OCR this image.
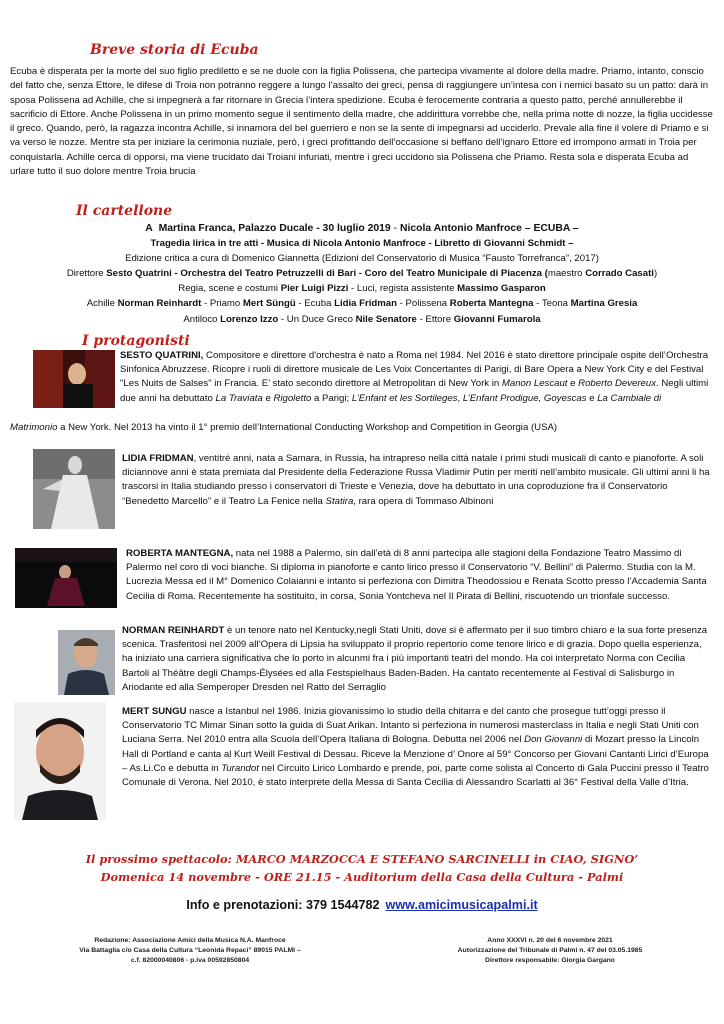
Breve storia di Ecuba

Ecuba è disperata per la morte del suo figlio prediletto e se ne duole con la figlia Polissena, che partecipa vivamente al dolore della madre. Priamo, intanto, conscio del fatto che, senza Ettore, le difese di Troia non potranno reggere a lungo l’assalto dei greci, pensa di raggiungere un’intesa con i nemici basato su un patto: darà in sposa Polissena ad Achille, che si impegnerà a far ritornare in Grecia l’intera spedizione. Ecuba è ferocemente contraria a questo patto, perché annullerebbe il sacrificio di Ettore. Anche Polissena in un primo momento segue il sentimento della madre, che addirittura vorrebbe che, nella prima notte di nozze, la figlia uccidesse il greco. Quando, però, la ragazza incontra Achille, si innamora del bel guerriero e non se la sente di impegnarsi ad ucciderlo. Prevale alla fine il volere di Priamo e si va verso le nozze. Mentre sta per iniziare la cerimonia nuziale, però, i greci profittando dell’occasione si beffano dell’ignaro Ettore ed irrompono armati in Troia per conquistarla. Achille cerca di opporsi, ma viene trucidato dai Troiani infuriati, mentre i greci uccidono sia Polissena che Priamo. Resta sola e disperata Ecuba ad urlare tutto il suo dolore mentre Troia brucia

Il cartellone
A Martina Franca, Palazzo Ducale - 30 luglio 2019 - Nicola Antonio Manfroce – ECUBA –
Tragedia lirica in tre atti - Musica di Nicola Antonio Manfroce - Libretto di Giovanni Schmidt –
Edizione critica a cura di Domenico Giannetta (Edizioni del Conservatorio di Musica “Fausto Torrefranca”, 2017)
Direttore Sesto Quatrini - Orchestra del Teatro Petruzzelli di Bari - Coro del Teatro Municipale di Piacenza (maestro Corrado Casati)
Regia, scene e costumi Pier Luigi Pizzi - Luci, regista assistente Massimo Gasparon
Achille Norman Reinhardt - Priamo Mert Süngü - Ecuba Lidia Fridman - Polissena Roberta Mantegna - Teona Martina Gresia
Antiloco Lorenzo Izzo - Un Duce Greco Nile Senatore - Ettore Giovanni Fumarola
I protagonisti

SESTO QUATRINI, Compositore e direttore d'orchestra è nato a Roma nel 1984. Nel 2016 è stato direttore principale ospite dell’Orchestra Sinfonica Abruzzese. Ricopre i ruoli di direttore musicale de Les Voix Concertantes di Parigi, di Bare Opera a New York City e del Festival "Les Nuits de Salses" in Francia. E’ stato secondo direttore al Metropolitan di New York in Manon Lescaut e Roberto Devereux. Negli ultimi due anni ha debuttato La Traviata e Rigoletto a Parigi; L’Enfant et les Sortileges, L’Enfant Prodigue, Goyescas e La Cambiale di

Matrimonio a New York. Nel 2013 ha vinto il 1° premio dell’International Conducting Workshop and Competition in Georgia (USA)

LIDIA FRIDMAN, ventitré anni, nata a Samara, in Russia, ha intrapreso nella città natale i primi studi musicali di canto e pianoforte. A soli diciannove anni è stata premiata dal Presidente della Federazione Russa Vladimir Putin per meriti nell’ambito musicale. Gli ultimi anni li ha trascorsi in Italia studiando presso i conservatori di Trieste e Venezia, dove ha debuttato in una coproduzione fra il Conservatorio “Benedetto Marcello” e il Teatro La Fenice nella Statira, rara opera di Tommaso Albinoni

ROBERTA MANTEGNA, nata nel 1988 a Palermo, sin dall’età di 8 anni partecipa alle stagioni della Fondazione Teatro Massimo di Palermo nel coro di voci bianche. Si diploma in pianoforte e canto lirico presso il Conservatorio “V. Bellini” di Palermo. Studia con la M. Lucrezia Messa ed il M° Domenico Colaianni e intanto si perfeziona con Dimitra Theodossiou e Renata Scotto presso l’Accademia Santa Cecilia di Roma. Recentemente ha sostituito, in corsa, Sonia Yontcheva nel Il Pirata di Bellini, riscuotendo un trionfale successo.

NORMAN REINHARDT è un tenore nato nel Kentucky,negli Stati Uniti, dove si è affermato per il suo timbro chiaro e la sua forte presenza scenica. Trasferitosi nel 2009 all’Opera di Lipsia ha sviluppato il proprio repertorio come tenore lirico e di grazia. Dopo quella esperienza, ha iniziato una carriera significativa che lo porto in alcunmi fra i più importanti teatri del mondo. Ha coi interpretato Norma con Cecilia Bartoli al Théâtre degli Champs-Élysées ed alla Festspielhaus Baden-Baden. Ha cantato recentemente al Festival di Salisburgo in Ariodante ed alla Semperoper Dresden nel Ratto del Serraglio

MERT SUNGU nasce a Istanbul nel 1986. Inizia giovanissimo lo studio della chitarra e del canto che prosegue tutt’oggi presso il Conservatorio TC Mimar Sinan sotto la guida di Suat Arikan. Intanto si perfeziona in numerosi masterclass in Italia e negli Stati Uniti con Luciana Serra. Nel 2010 entra alla Scuola dell’Opera Italiana di Bologna. Debutta nel 2006 nel Don Giovanni di Mozart presso la Lincoln Hall di Portland e canta al Kurt Weill Festival di Dessau. Riceve la Menzione d’ Onore al 59° Concorso per Giovani Cantanti Lirici d’Europa – As.Li.Co e debutta in Turandot nel Circuito Lirico Lombardo e prende, poi, parte come solista al Concerto di Gala Puccini presso il Teatro Comunale di Verona. Nel 2010, è stato interprete della Messa di Santa Cecilia di Alessandro Scarlatti al 36° Festival della Valle d’Itria.

Il prossimo spettacolo: MARCO MARZOCCA E STEFANO SARCINELLI in CIAO, SIGNO’
Domenica 14 novembre - ORE 21.15 - Auditorium della Casa della Cultura - Palmi
Info e prenotazioni: 379 1544782 www.amicimusicapalmi.it
Redazione: Associazione Amici della Musica N.A. Manfroce
Via Battaglia c/o Casa della Cultura “Leonida Repaci” 89015 PALMI –
c.f. 82000040806 - p.iva 00592850804
Anno XXXVI n. 20 del 6 novembre 2021
Autorizzazione del Tribunale di Palmi n. 47 del 03.05.1985
Direttore responsabile: Giorgia Gargano
